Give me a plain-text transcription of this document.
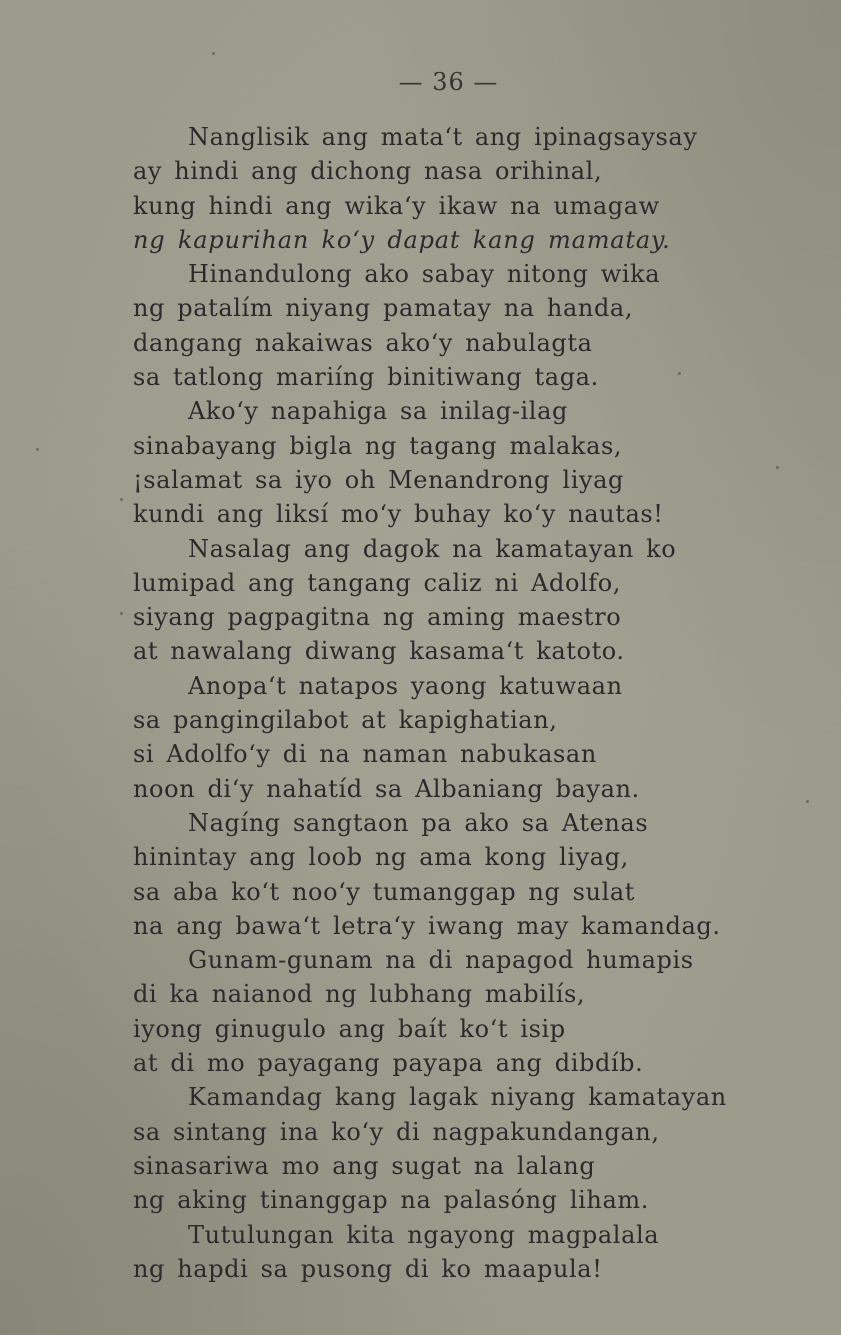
— 36 —
Nanglisik ang mata‘t ang ipinagsaysay
ay hindi ang dichong nasa orihinal,
kung hindi ang wika‘y ikaw na umagaw
ng kapurihan ko‘y dapat kang mamatay.
Hinandulong ako sabay nitong wika
ng patalím niyang pamatay na handa,
dangang nakaiwas ako‘y nabulagta
sa tatlong mariíng binitiwang taga.
Ako‘y napahiga sa inilag-ilag
sinabayang bigla ng tagang malakas,
¡salamat sa iyo oh Menandrong liyag
kundi ang liksí mo‘y buhay ko‘y nautas!
Nasalag ang dagok na kamatayan ko
lumipad ang tangang caliz ni Adolfo,
siyang pagpagitna ng aming maestro
at nawalang diwang kasama‘t katoto.
Anopa‘t natapos yaong katuwaan
sa pangingilabot at kapighatian,
si Adolfo‘y di na naman nabukasan
noon di‘y nahatíd sa Albaniang bayan.
Nagíng sangtaon pa ako sa Atenas
hinintay ang loob ng ama kong liyag,
sa aba ko‘t noo‘y tumanggap ng sulat
na ang bawa‘t letra‘y iwang may kamandag.
Gunam-gunam na di napagod humapis
di ka naianod ng lubhang mabilís,
iyong ginugulo ang baít ko‘t isip
at di mo payagang payapa ang dibdíb.
Kamandag kang lagak niyang kamatayan
sa sintang ina ko‘y di nagpakundangan,
sinasariwa mo ang sugat na lalang
ng aking tinanggap na palasóng liham.
Tutulungan kita ngayong magpalala
ng hapdi sa pusong di ko maapula!
